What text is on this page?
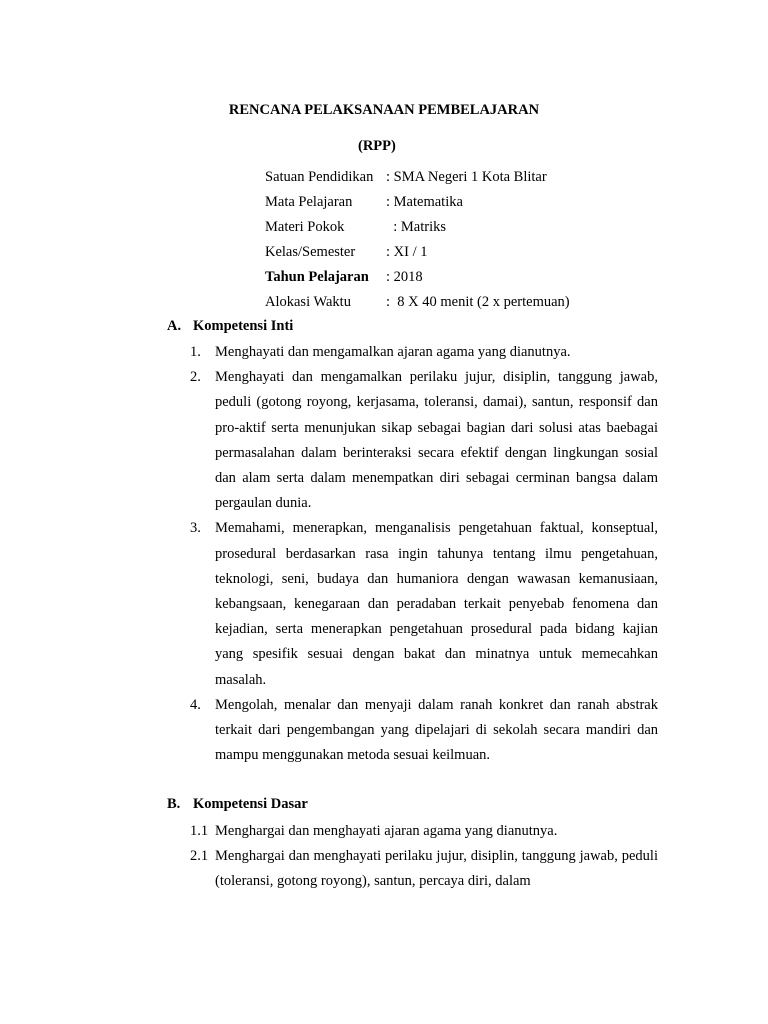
RENCANA PELAKSANAAN PEMBELAJARAN
(RPP)
Satuan Pendidikan : SMA Negeri 1 Kota Blitar
Mata Pelajaran : Matematika
Materi Pokok	: Matriks
Kelas/Semester : XI / 1
Tahun Pelajaran : 2018
Alokasi Waktu :  8 X 40 menit (2 x pertemuan)
A. Kompetensi Inti
1. Menghayati dan mengamalkan ajaran agama yang dianutnya.

2. Menghayati dan mengamalkan perilaku jujur, disiplin, tanggung jawab, peduli (gotong royong, kerjasama, toleransi, damai), santun, responsif dan pro-aktif serta menunjukan sikap sebagai bagian dari solusi atas baebagai permasalahan dalam berinteraksi secara efektif dengan lingkungan sosial dan alam serta dalam menempatkan diri sebagai cerminan bangsa dalam pergaulan dunia.

3. Memahami, menerapkan, menganalisis pengetahuan faktual, konseptual, prosedural berdasarkan rasa ingin tahunya tentang ilmu pengetahuan, teknologi, seni, budaya dan humaniora dengan wawasan kemanusiaan, kebangsaan, kenegaraan dan peradaban terkait penyebab fenomena dan kejadian, serta menerapkan pengetahuan prosedural pada bidang kajian yang spesifik sesuai dengan bakat dan minatnya untuk memecahkan masalah.

4. Mengolah, menalar dan menyaji dalam ranah konkret dan ranah abstrak terkait dari pengembangan yang dipelajari di sekolah secara mandiri dan mampu menggunakan metoda sesuai keilmuan.

B. Kompetensi Dasar
1.1 Menghargai dan menghayati ajaran agama yang dianutnya.

2.1 Menghargai dan menghayati perilaku jujur, disiplin, tanggung jawab, peduli (toleransi, gotong royong), santun, percaya diri, dalam
